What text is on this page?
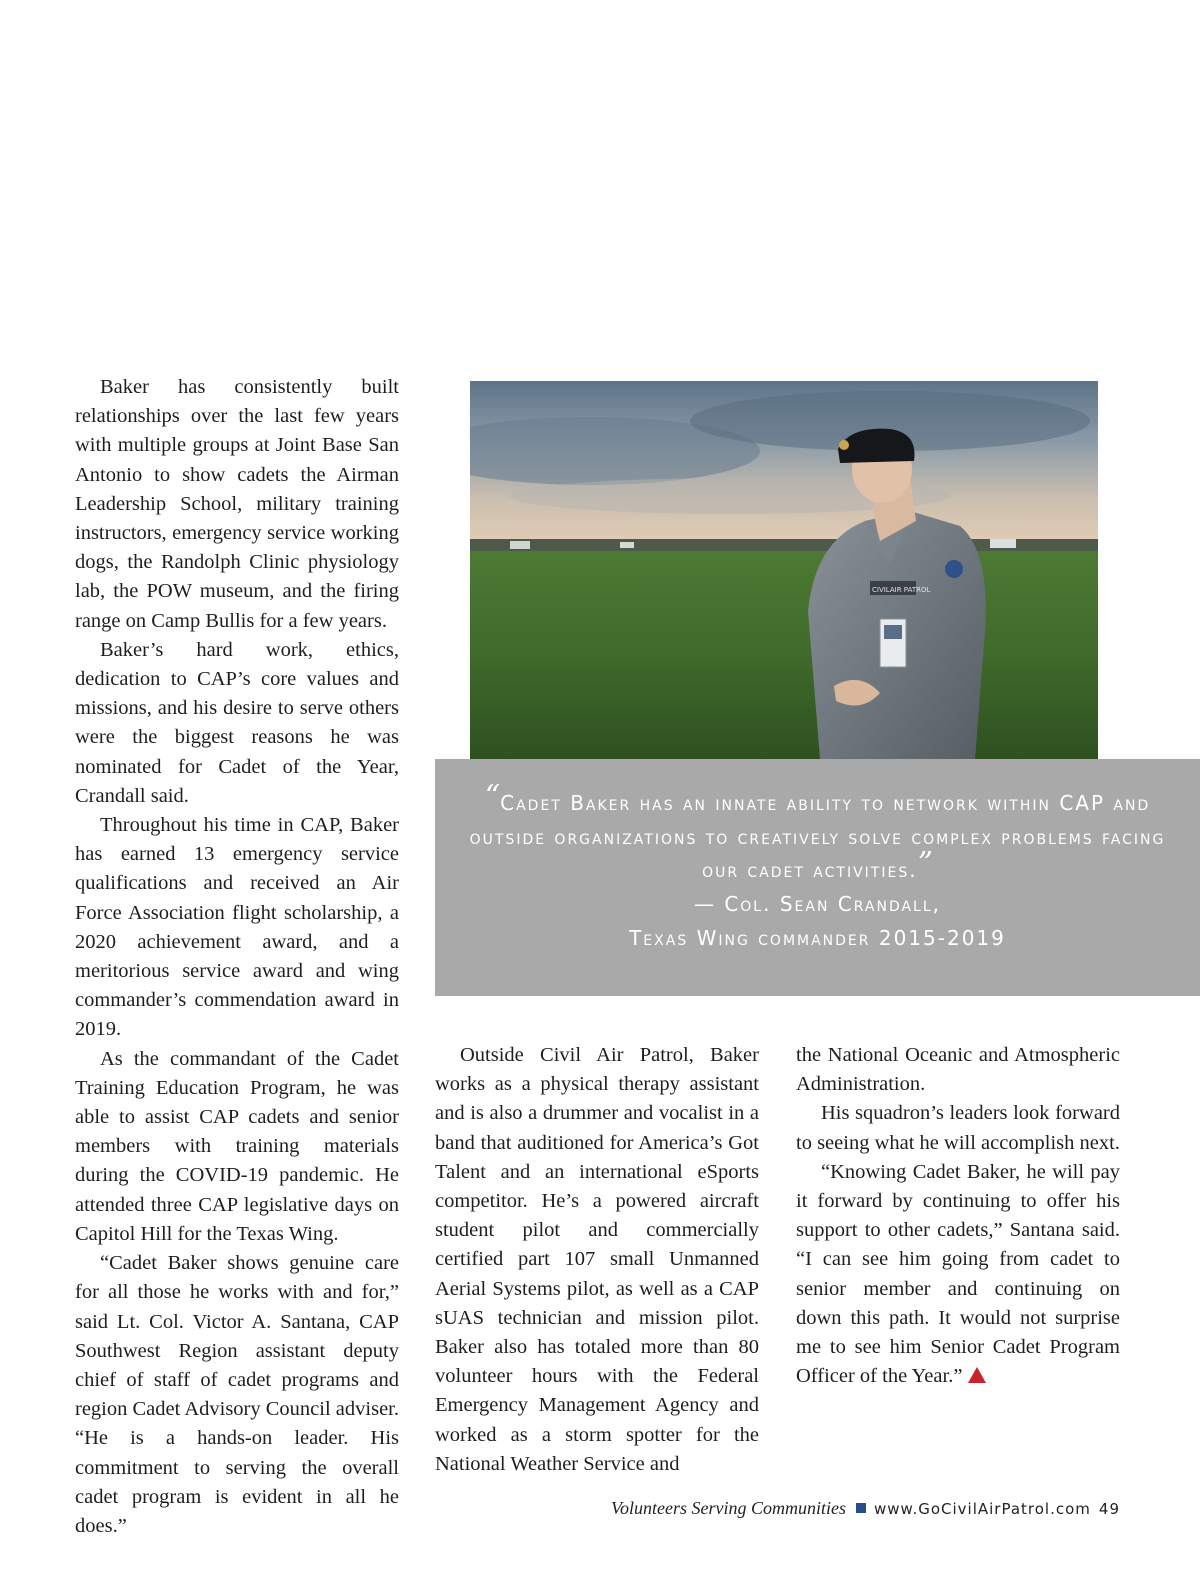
Baker has consistently built relationships over the last few years with multiple groups at Joint Base San Antonio to show cadets the Airman Leadership School, military training instructors, emergency service working dogs, the Randolph Clinic physiology lab, the POW museum, and the firing range on Camp Bullis for a few years.

Baker’s hard work, ethics, dedication to CAP’s core values and missions, and his desire to serve others were the biggest reasons he was nominated for Cadet of the Year, Crandall said.

Throughout his time in CAP, Baker has earned 13 emergency service qualifications and received an Air Force Association flight scholarship, a 2020 achievement award, and a meritorious service award and wing commander’s commendation award in 2019.

As the commandant of the Cadet Training Education Program, he was able to assist CAP cadets and senior members with training materials during the COVID-19 pandemic. He attended three CAP legislative days on Capitol Hill for the Texas Wing.

“Cadet Baker shows genuine care for all those he works with and for,” said Lt. Col. Victor A. Santana, CAP Southwest Region assistant deputy chief of staff of cadet programs and region Cadet Advisory Council adviser. “He is a hands-on leader. His commitment to serving the overall cadet program is evident in all he does.”

CIVILAIR PATROL
“Cadet Baker has an innate ability to network within CAP and outside organizations to creatively solve complex problems facing our cadet activities.”
— Col. Sean Crandall,
Texas Wing commander 2015-2019

Outside Civil Air Patrol, Baker works as a physical therapy assistant and is also a drummer and vocalist in a band that auditioned for America’s Got Talent and an international eSports competitor. He’s a powered aircraft student pilot and commercially certified part 107 small Unmanned Aerial Systems pilot, as well as a CAP sUAS technician and mission pilot. Baker also has totaled more than 80 volunteer hours with the Federal Emergency Management Agency and worked as a storm spotter for the National Weather Service and

the National Oceanic and Atmospheric Administration.

His squadron’s leaders look forward to seeing what he will accomplish next.

“Knowing Cadet Baker, he will pay it forward by continuing to offer his support to other cadets,” Santana said. “I can see him going from cadet to senior member and continuing on down this path. It would not surprise me to see him Senior Cadet Program Officer of the Year.”

Volunteers Serving Communities www.GoCivilAirPatrol.com 49
